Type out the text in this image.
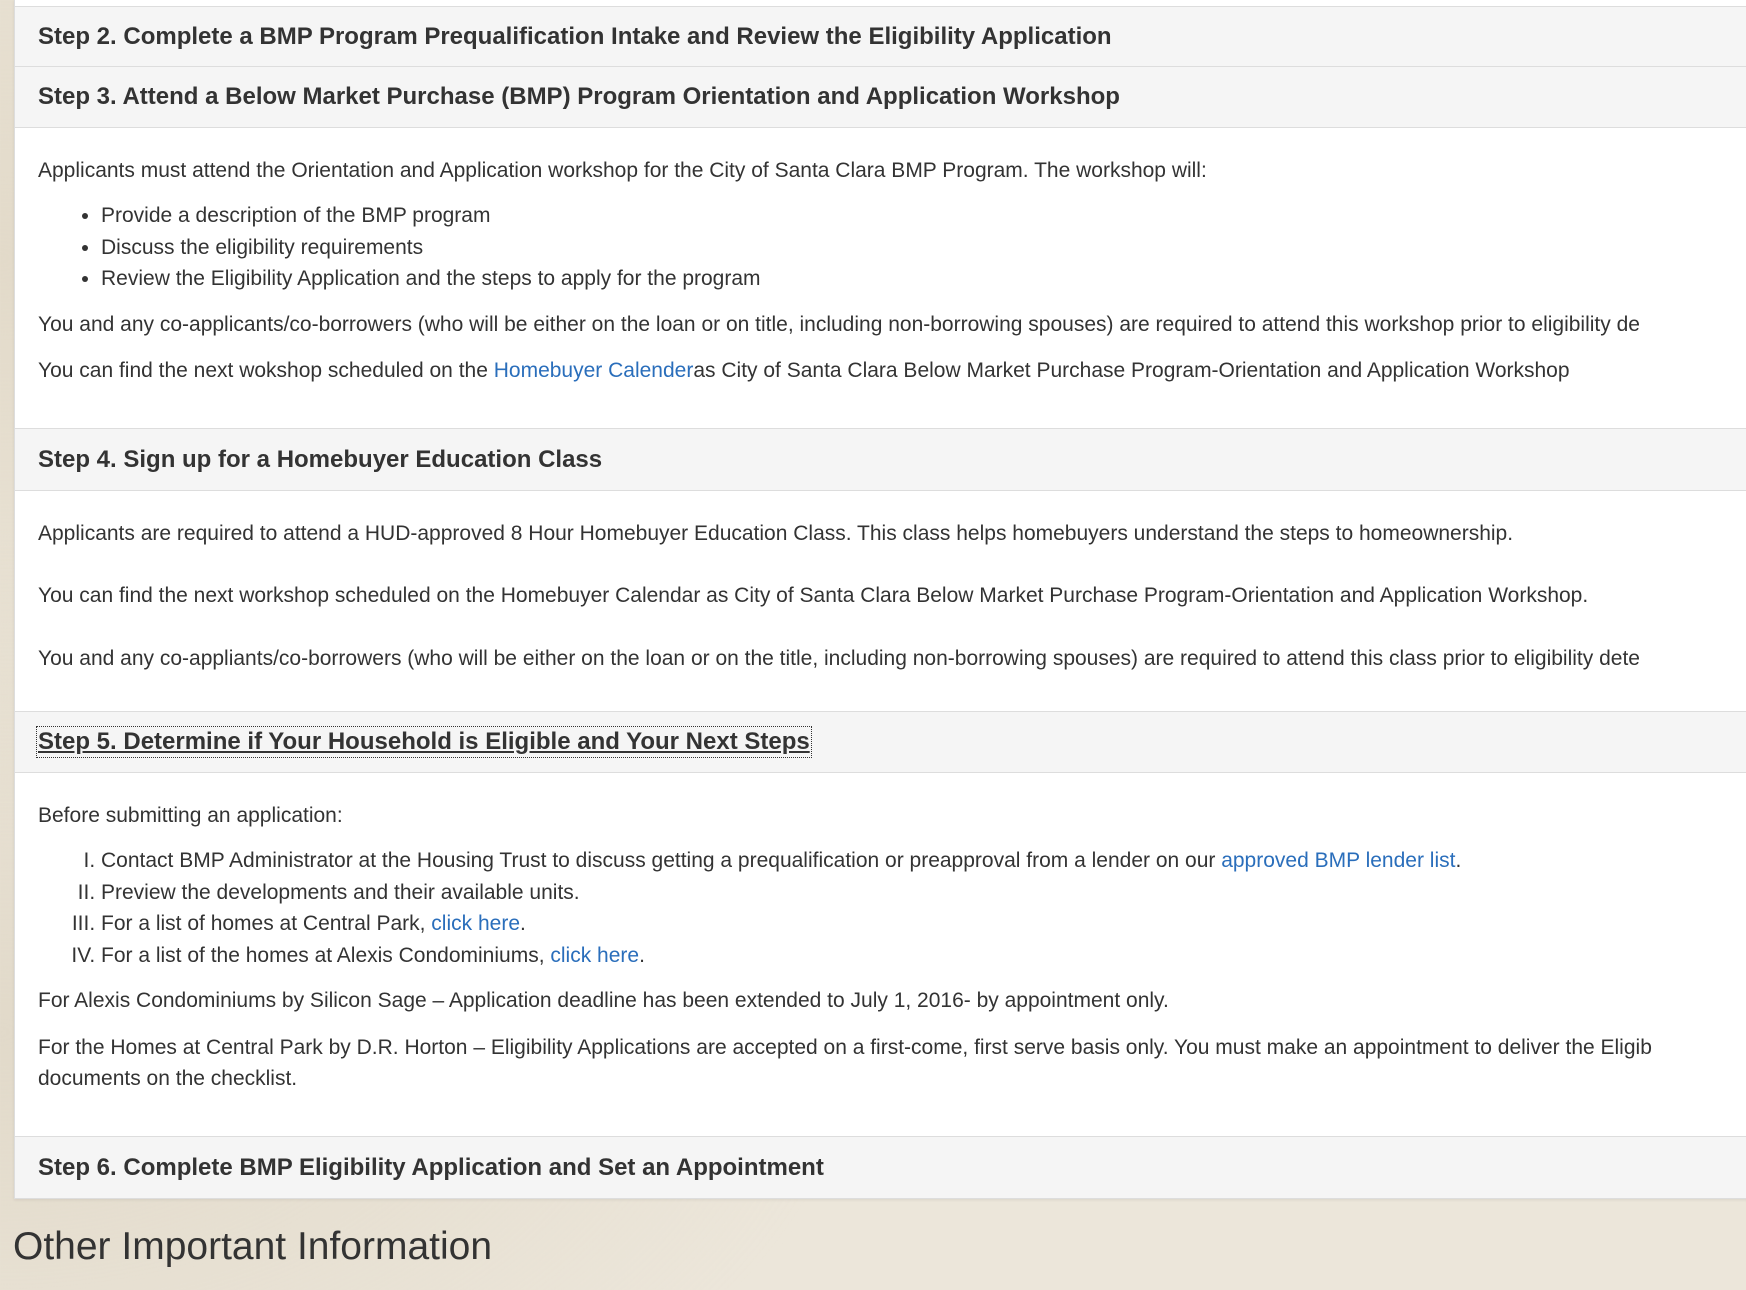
Step 2. Complete a BMP Program Prequalification Intake and Review the Eligibility Application
Step 3. Attend a Below Market Purchase (BMP) Program Orientation and Application Workshop

Applicants must attend the Orientation and Application workshop for the City of Santa Clara BMP Program. The workshop will:

• Provide a description of the BMP program
• Discuss the eligibility requirements
• Review the Eligibility Application and the steps to apply for the program

You and any co-applicants/co-borrowers (who will be either on the loan or on title, including non-borrowing spouses) are required to attend this workshop prior to eligibility de

You can find the next wokshop scheduled on the Homebuyer Calenderas City of Santa Clara Below Market Purchase Program-Orientation and Application Workshop

Step 4. Sign up for a Homebuyer Education Class

Applicants are required to attend a HUD-approved 8 Hour Homebuyer Education Class. This class helps homebuyers understand the steps to homeownership.

You can find the next workshop scheduled on the Homebuyer Calendar as City of Santa Clara Below Market Purchase Program-Orientation and Application Workshop.

You and any co-appliants/co-borrowers (who will be either on the loan or on the title, including non-borrowing spouses) are required to attend this class prior to eligibility dete

Step 5. Determine if Your Household is Eligible and Your Next Steps

Before submitting an application:

I. Contact BMP Administrator at the Housing Trust to discuss getting a prequalification or preapproval from a lender on our approved BMP lender list.
II. Preview the developments and their available units.
III. For a list of homes at Central Park, click here.
IV. For a list of the homes at Alexis Condominiums, click here.

For Alexis Condominiums by Silicon Sage – Application deadline has been extended to July 1, 2016- by appointment only.

For the Homes at Central Park by D.R. Horton – Eligibility Applications are accepted on a first-come, first serve basis only. You must make an appointment to deliver the Eligib

documents on the checklist.

Step 6. Complete BMP Eligibility Application and Set an Appointment
Other Important Information
